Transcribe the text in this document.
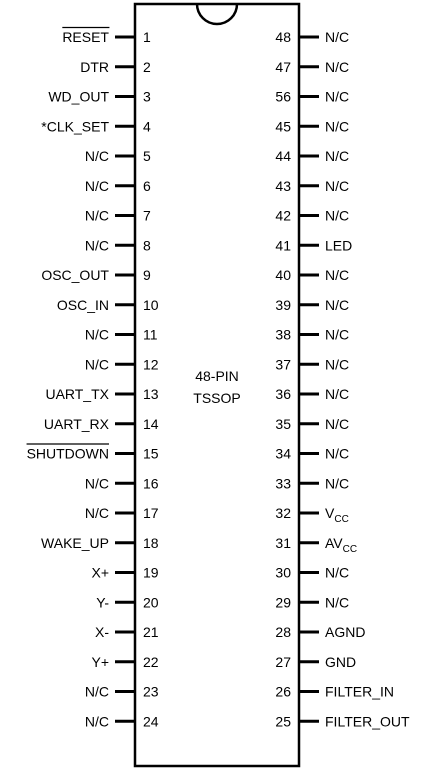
48-PIN
TSSOP
1
RESET
2
DTR
3
WD_OUT
4
*CLK_SET
5
N/C
6
N/C
7
N/C
8
N/C
9
OSC_OUT
10
OSC_IN
11
N/C
12
N/C
13
UART_TX
14
UART_RX
15
SHUTDOWN
16
N/C
17
N/C
18
WAKE_UP
19
X+
20
Y-
21
X-
22
Y+
23
N/C
24
N/C
48 N/C
47 N/C
56 N/C
45 N/C
44 N/C
43 N/C
42 N/C
41 LED
40 N/C
39 N/C
38 N/C
37 N/C
36 N/C
35 N/C
34 N/C
33 N/C
32 $V_{CC}$
31 $AV_{CC}$
30 N/C
29 N/C
28 AGND
27 GND
26 FILTER_IN
25 FILTER_OUT
